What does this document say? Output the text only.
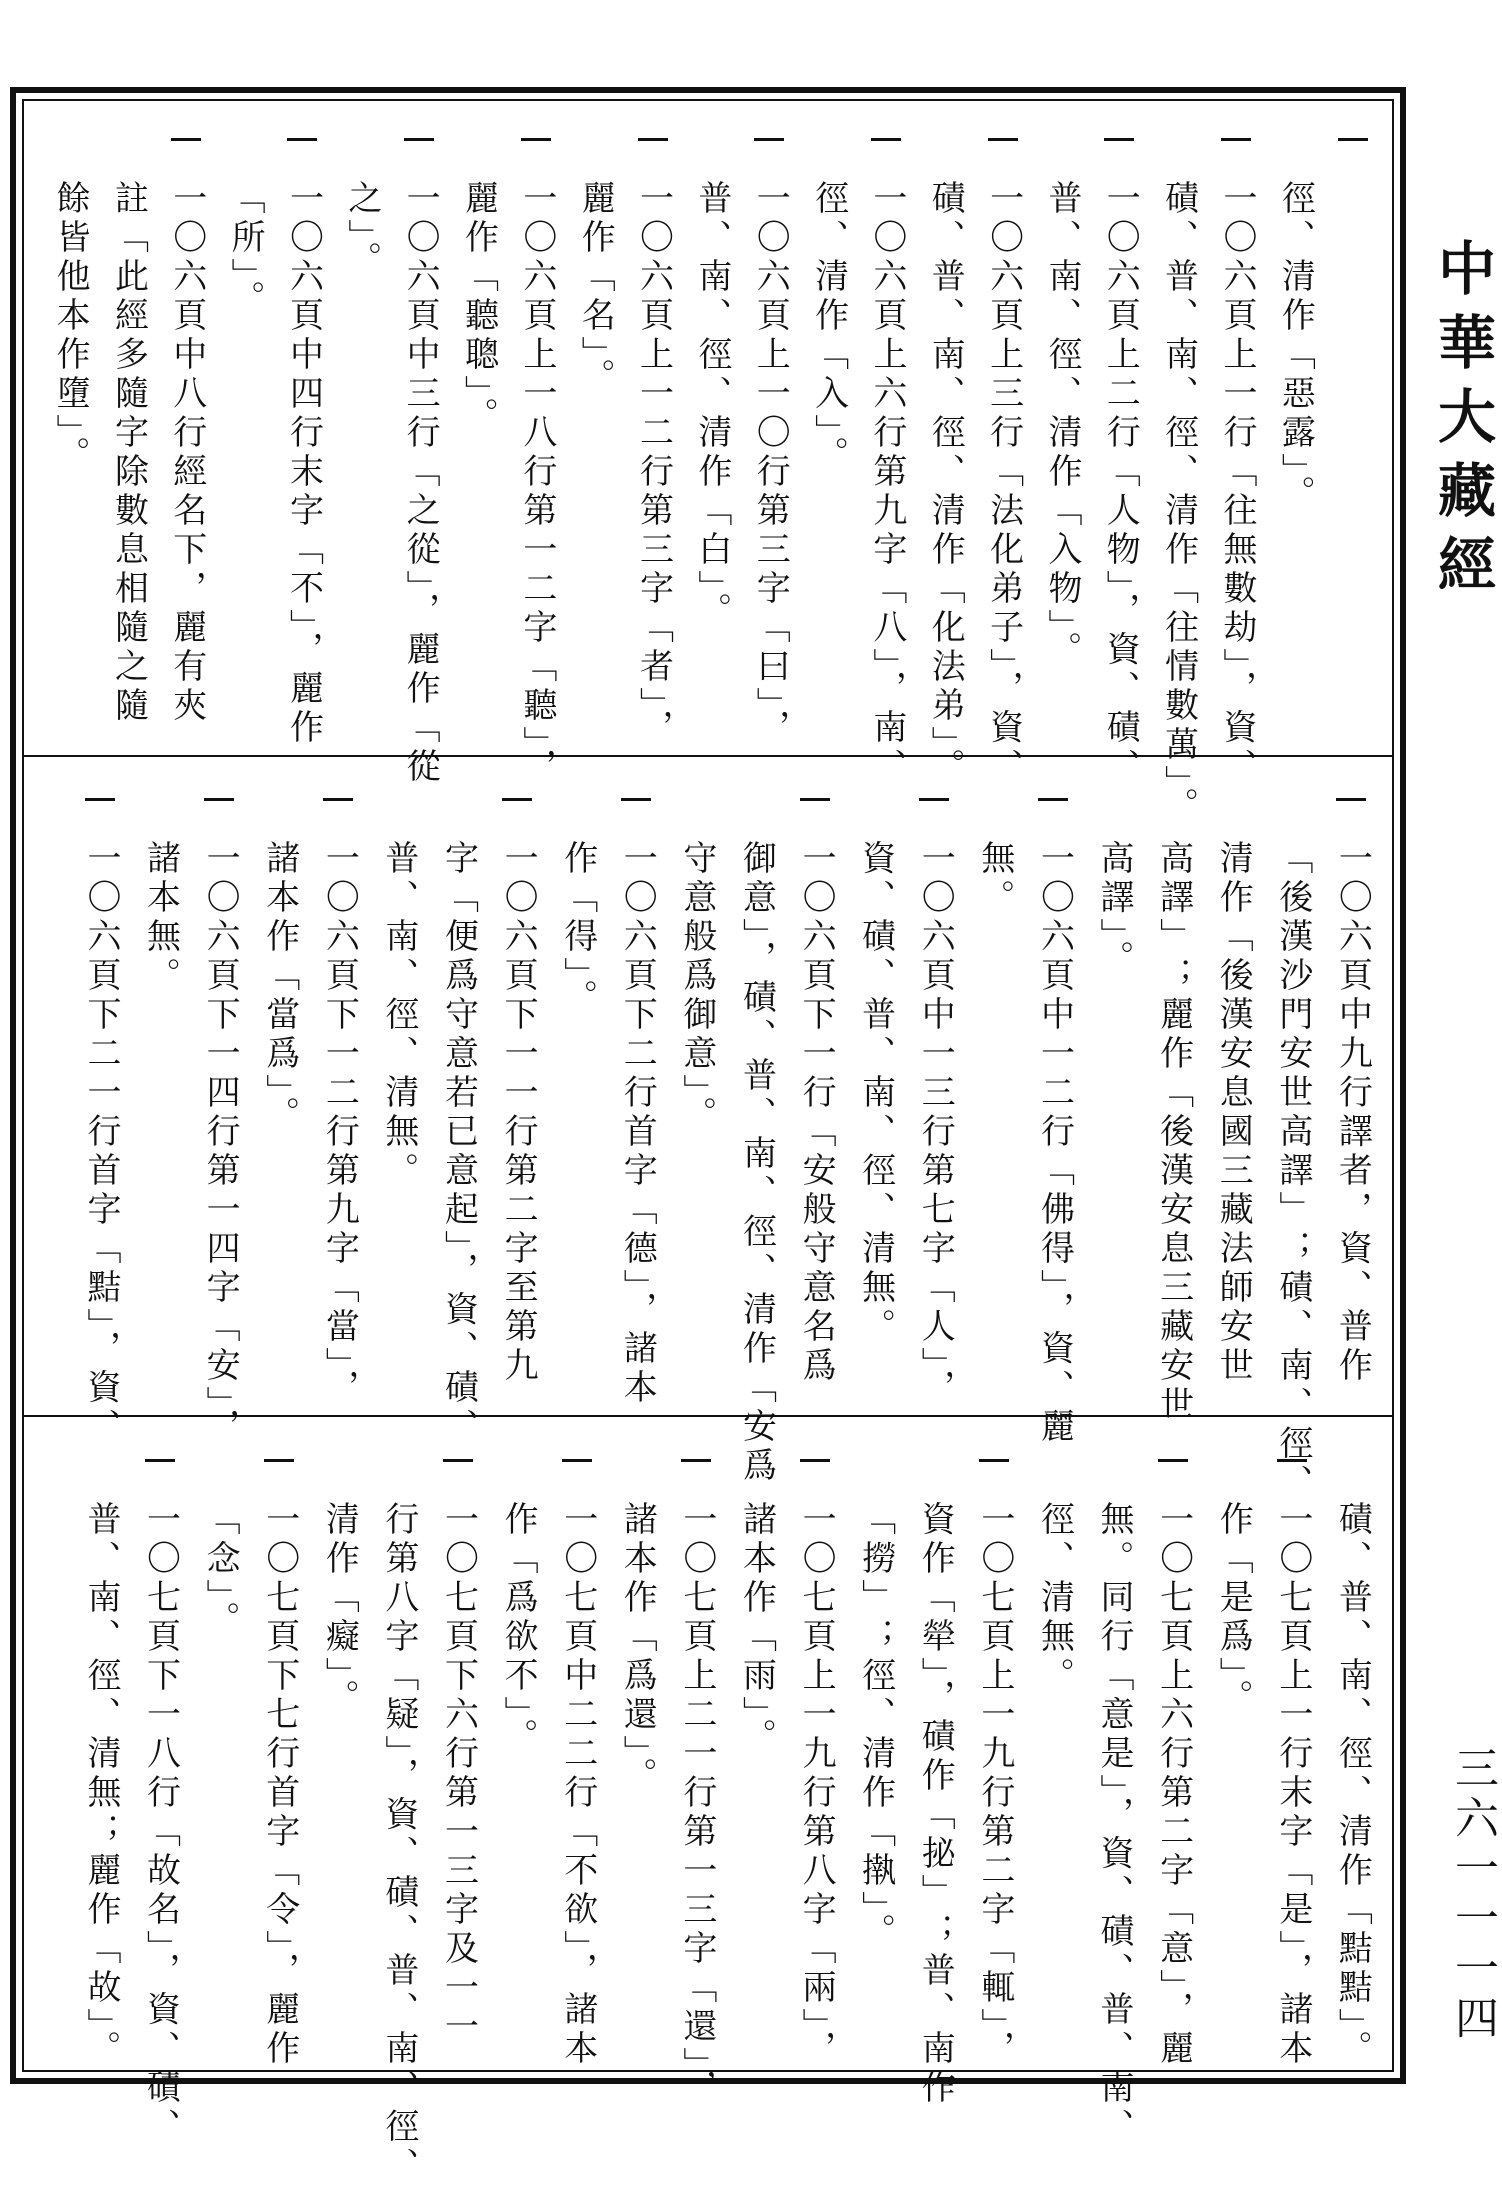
徑、清作「惡露」。
一〇六頁上一行「往無數劫」，資、
磧、普、南、徑、清作「往情數萬」。
一〇六頁上二行「人物」，資、磧、
普、南、徑、清作「入物」。
一〇六頁上三行「法化弟子」，資、
磧、普、南、徑、清作「化法弟」。
一〇六頁上六行第九字「八」，南、
徑、清作「入」。
一〇六頁上一〇行第三字「曰」，
普、南、徑、清作「白」。
一〇六頁上一二行第三字「者」，
麗作「名」。
一〇六頁上一八行第一二字「聽」，
麗作「聽聰」。
一〇六頁中三行「之從」，麗作「從
之」。
一〇六頁中四行末字「不」，麗作
「所」。
一〇六頁中八行經名下，麗有夾
註「此經多隨字除數息相隨之隨
餘皆他本作墮」。
一〇六頁中九行譯者，資、普作
「後漢沙門安世高譯」；磧、南、徑、
清作「後漢安息國三藏法師安世
高譯」；麗作「後漢安息三藏安世
高譯」。
一〇六頁中一二行「佛得」，資、麗
無。
一〇六頁中一三行第七字「人」，
資、磧、普、南、徑、清無。
一〇六頁下一行「安般守意名爲
御意」，磧、普、南、徑、清作「安爲
守意般爲御意」。
一〇六頁下二行首字「德」，諸本
作「得」。
一〇六頁下一一行第二字至第九
字「便爲守意若已意起」，資、磧、
普、南、徑、清無。
一〇六頁下一二行第九字「當」，
諸本作「當爲」。
一〇六頁下一四行第一四字「安」，
諸本無。
一〇六頁下二一行首字「黠」，資、
磧、普、南、徑、清作「黠黠」。
一〇七頁上一行末字「是」，諸本
作「是爲」。
一〇七頁上六行第二字「意」，麗
無。同行「意是」，資、磧、普、南、
徑、清無。
一〇七頁上一九行第二字「輒」，
資作「犖」，磧作「㧙」；普、南作
「撈」；徑、清作「𢴇」。
一〇七頁上一九行第八字「兩」，
諸本作「雨」。
一〇七頁上二一行第一三字「還」，
諸本作「爲還」。
一〇七頁中二二行「不欲」，諸本
作「爲欲不」。
一〇七頁下六行第一三字及一一
行第八字「疑」，資、磧、普、南、徑、
清作「癡」。
一〇七頁下七行首字「令」，麗作
「念」。
一〇七頁下一八行「故名」，資、磧、
普、南、徑、清無；麗作「故」。
中華大藏經
三六一一一四
